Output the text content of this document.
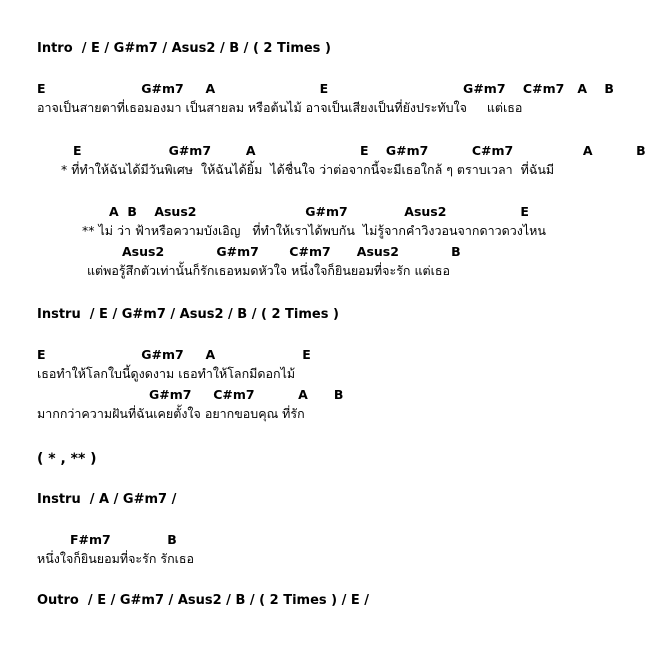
Intro  / E / G#m7 / Asus2 / B / ( 2 Times )
E                      G#m7     A                        E                               G#m7    C#m7   A    B
อาจเป็นสายตาที่เธอมองมา เป็นสายลม หรือต้นไม้ อาจเป็นเสียงเป็นที่ยังประทับใจ     แต่เธอ
E                    G#m7        A                        E    G#m7          C#m7                A          B
* ที่ทำให้ฉันได้มีวันพิเศษ  ให้ฉันได้ยิ้ม  ได้ชื่นใจ ว่าต่อจากนี้จะมีเธอใกล้ ๆ ตราบเวลา  ที่ฉันมี
A  B    Asus2                         G#m7             Asus2                 E
** ไม่ ว่า ฟ้าหรือความบังเอิญ   ที่ทำให้เราได้พบกัน  ไม่รู้จากคำวิงวอนจากดาวดวงไหน
Asus2            G#m7       C#m7      Asus2            B
แต่พอรู้สึกตัวเท่านั้นก็รักเธอหมดหัวใจ หนึ่งใจก็ยินยอมที่จะรัก แต่เธอ
Instru  / E / G#m7 / Asus2 / B / ( 2 Times )
E                      G#m7     A                    E
เธอทำให้โลกใบนี้ดูงดงาม เธอทำให้โลกมีดอกไม้
G#m7     C#m7          A      B
มากกว่าความฝันที่ฉันเคยตั้งใจ อยากขอบคุณ ที่รัก
( * , ** )
Instru  / A / G#m7 /
F#m7             B
หนึ่งใจก็ยินยอมที่จะรัก รักเธอ
Outro  / E / G#m7 / Asus2 / B / ( 2 Times ) / E /
